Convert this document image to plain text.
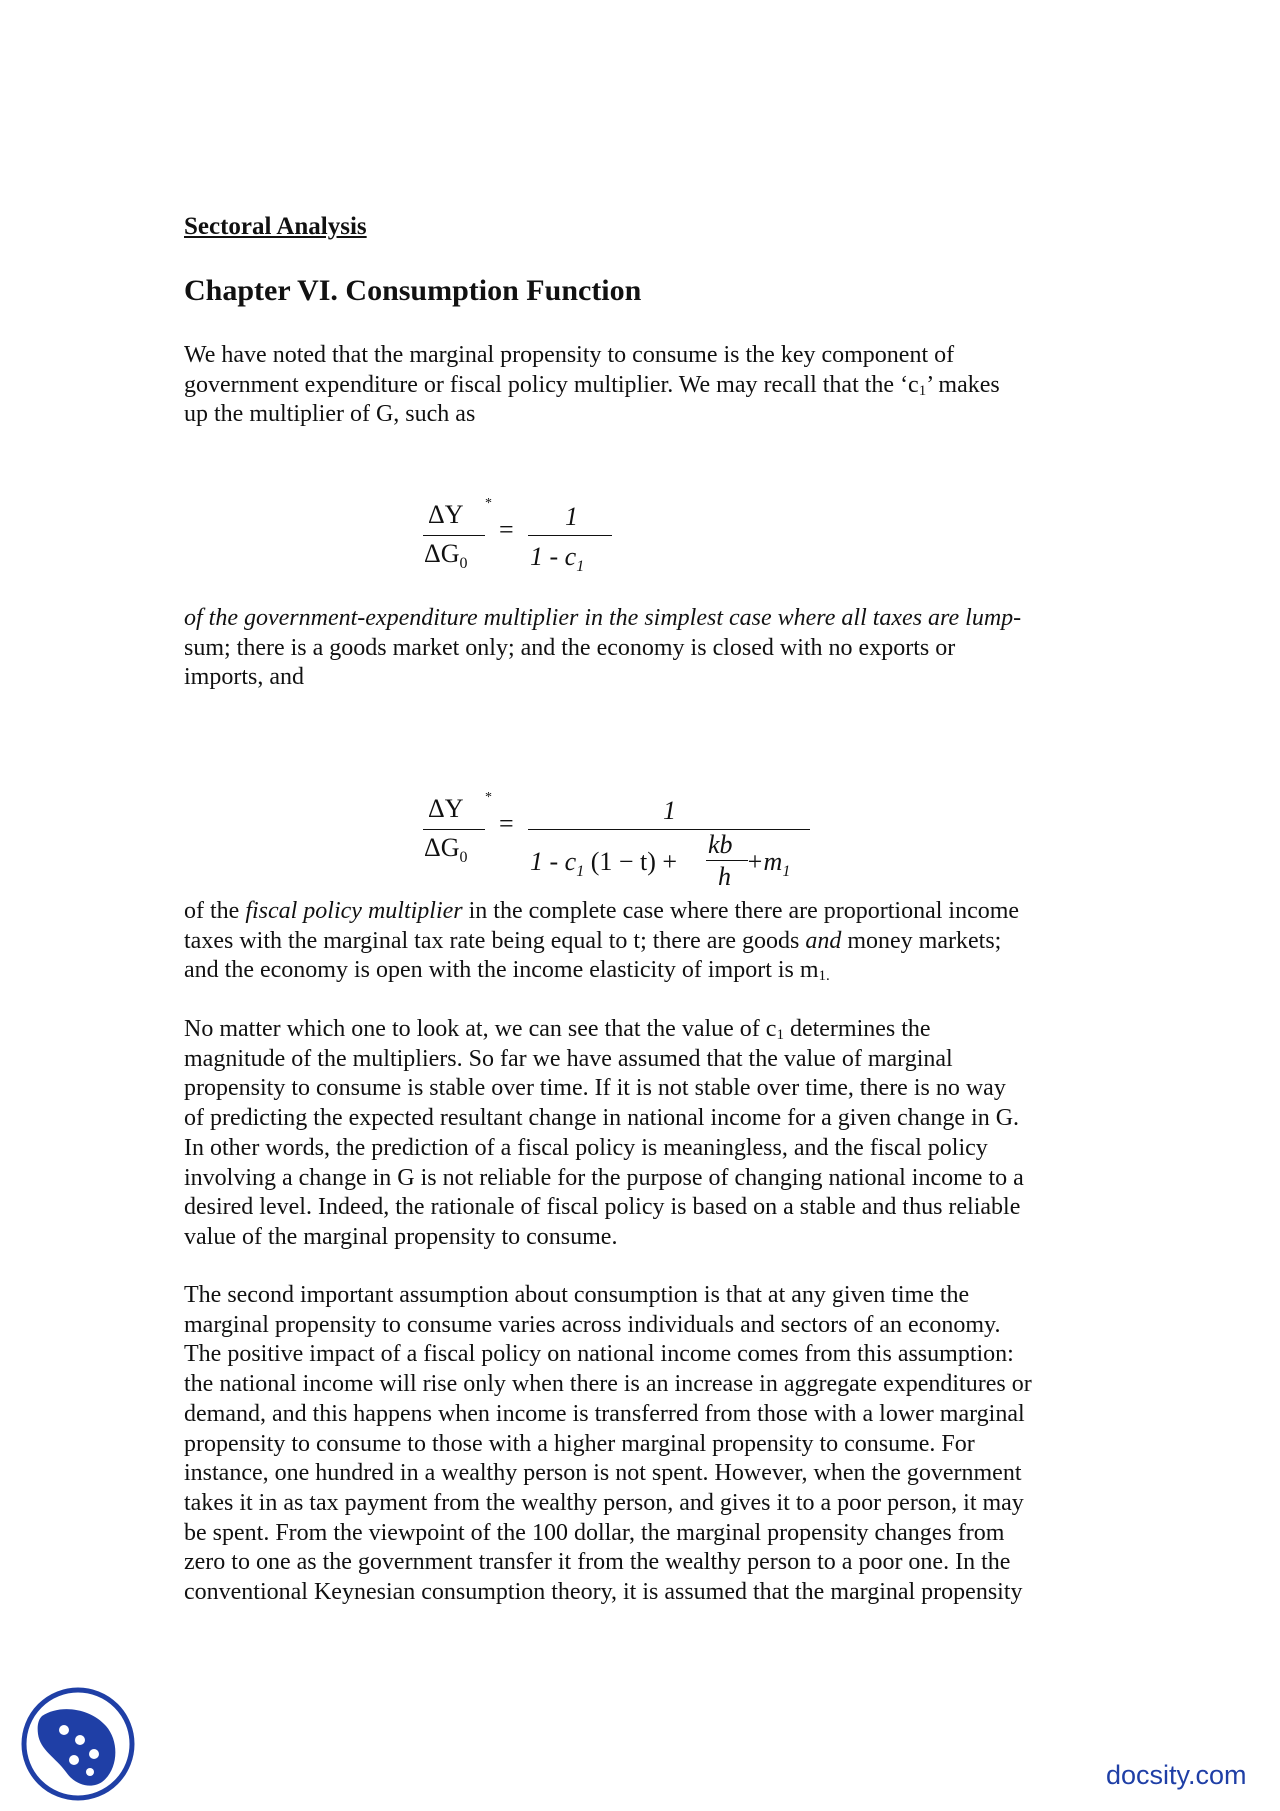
Sectoral Analysis
Chapter VI. Consumption Function

We have noted that the marginal propensity to consume is the key component of
government expenditure or fiscal policy multiplier. We may recall that the ‘$c_1$’ makes
up the multiplier of G, such as

ΔY *
$\Delta G_0$
= 1
$1 - c_1$

of the government-expenditure multiplier in the simplest case where all taxes are lump-
sum; there is a goods market only; and the economy is closed with no exports or
imports, and

ΔY *
$\Delta G_0$
=	1
$1 - c_1$ (1 − t) +
kb
h
$+m_1$

of the fiscal policy multiplier in the complete case where there are proportional income
taxes with the marginal tax rate being equal to t; there are goods and money markets;
and the economy is open with the income elasticity of import is $m_{1.}$

No matter which one to look at, we can see that the value of $c_1$ determines the
magnitude of the multipliers. So far we have assumed that the value of marginal
propensity to consume is stable over time. If it is not stable over time, there is no way
of predicting the expected resultant change in national income for a given change in G.
In other words, the prediction of a fiscal policy is meaningless, and the fiscal policy
involving a change in G is not reliable for the purpose of changing national income to a
desired level. Indeed, the rationale of fiscal policy is based on a stable and thus reliable
value of the marginal propensity to consume.

The second important assumption about consumption is that at any given time the
marginal propensity to consume varies across individuals and sectors of an economy.
The positive impact of a fiscal policy on national income comes from this assumption:
the national income will rise only when there is an increase in aggregate expenditures or
demand, and this happens when income is transferred from those with a lower marginal
propensity to consume to those with a higher marginal propensity to consume. For
instance, one hundred in a wealthy person is not spent. However, when the government
takes it in as tax payment from the wealthy person, and gives it to a poor person, it may
be spent. From the viewpoint of the 100 dollar, the marginal propensity changes from
zero to one as the government transfer it from the wealthy person to a poor one. In the
conventional Keynesian consumption theory, it is assumed that the marginal propensity

docsity.com
